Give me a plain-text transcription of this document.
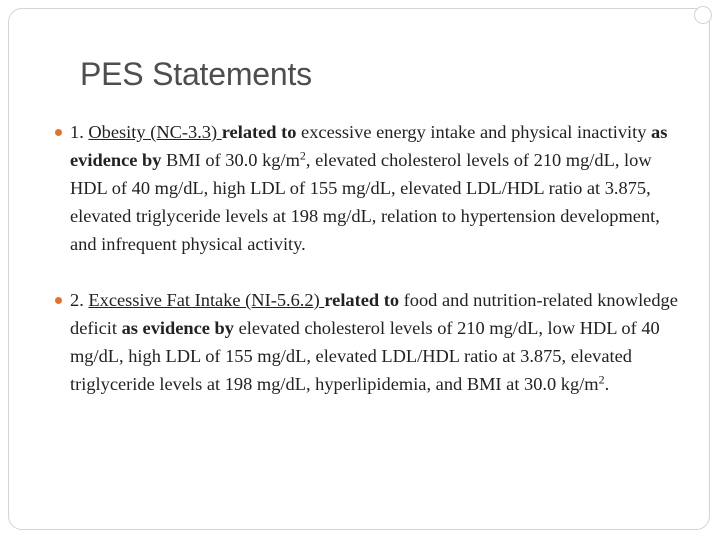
PES Statements
1. Obesity (NC-3.3) related to excessive energy intake and physical inactivity as evidence by BMI of 30.0 $kg/m^2$, elevated cholesterol levels of 210 mg/dL, low HDL of 40 mg/dL, high LDL of 155 mg/dL, elevated LDL/HDL ratio at 3.875, elevated triglyceride levels at 198 mg/dL, relation to hypertension development, and infrequent physical activity.
2. Excessive Fat Intake (NI-5.6.2) related to food and nutrition-related knowledge deficit as evidence by elevated cholesterol levels of 210 mg/dL, low HDL of 40 mg/dL, high LDL of 155 mg/dL, elevated LDL/HDL ratio at 3.875, elevated triglyceride levels at 198 mg/dL, hyperlipidemia, and BMI at 30.0 $kg/m^2$.
